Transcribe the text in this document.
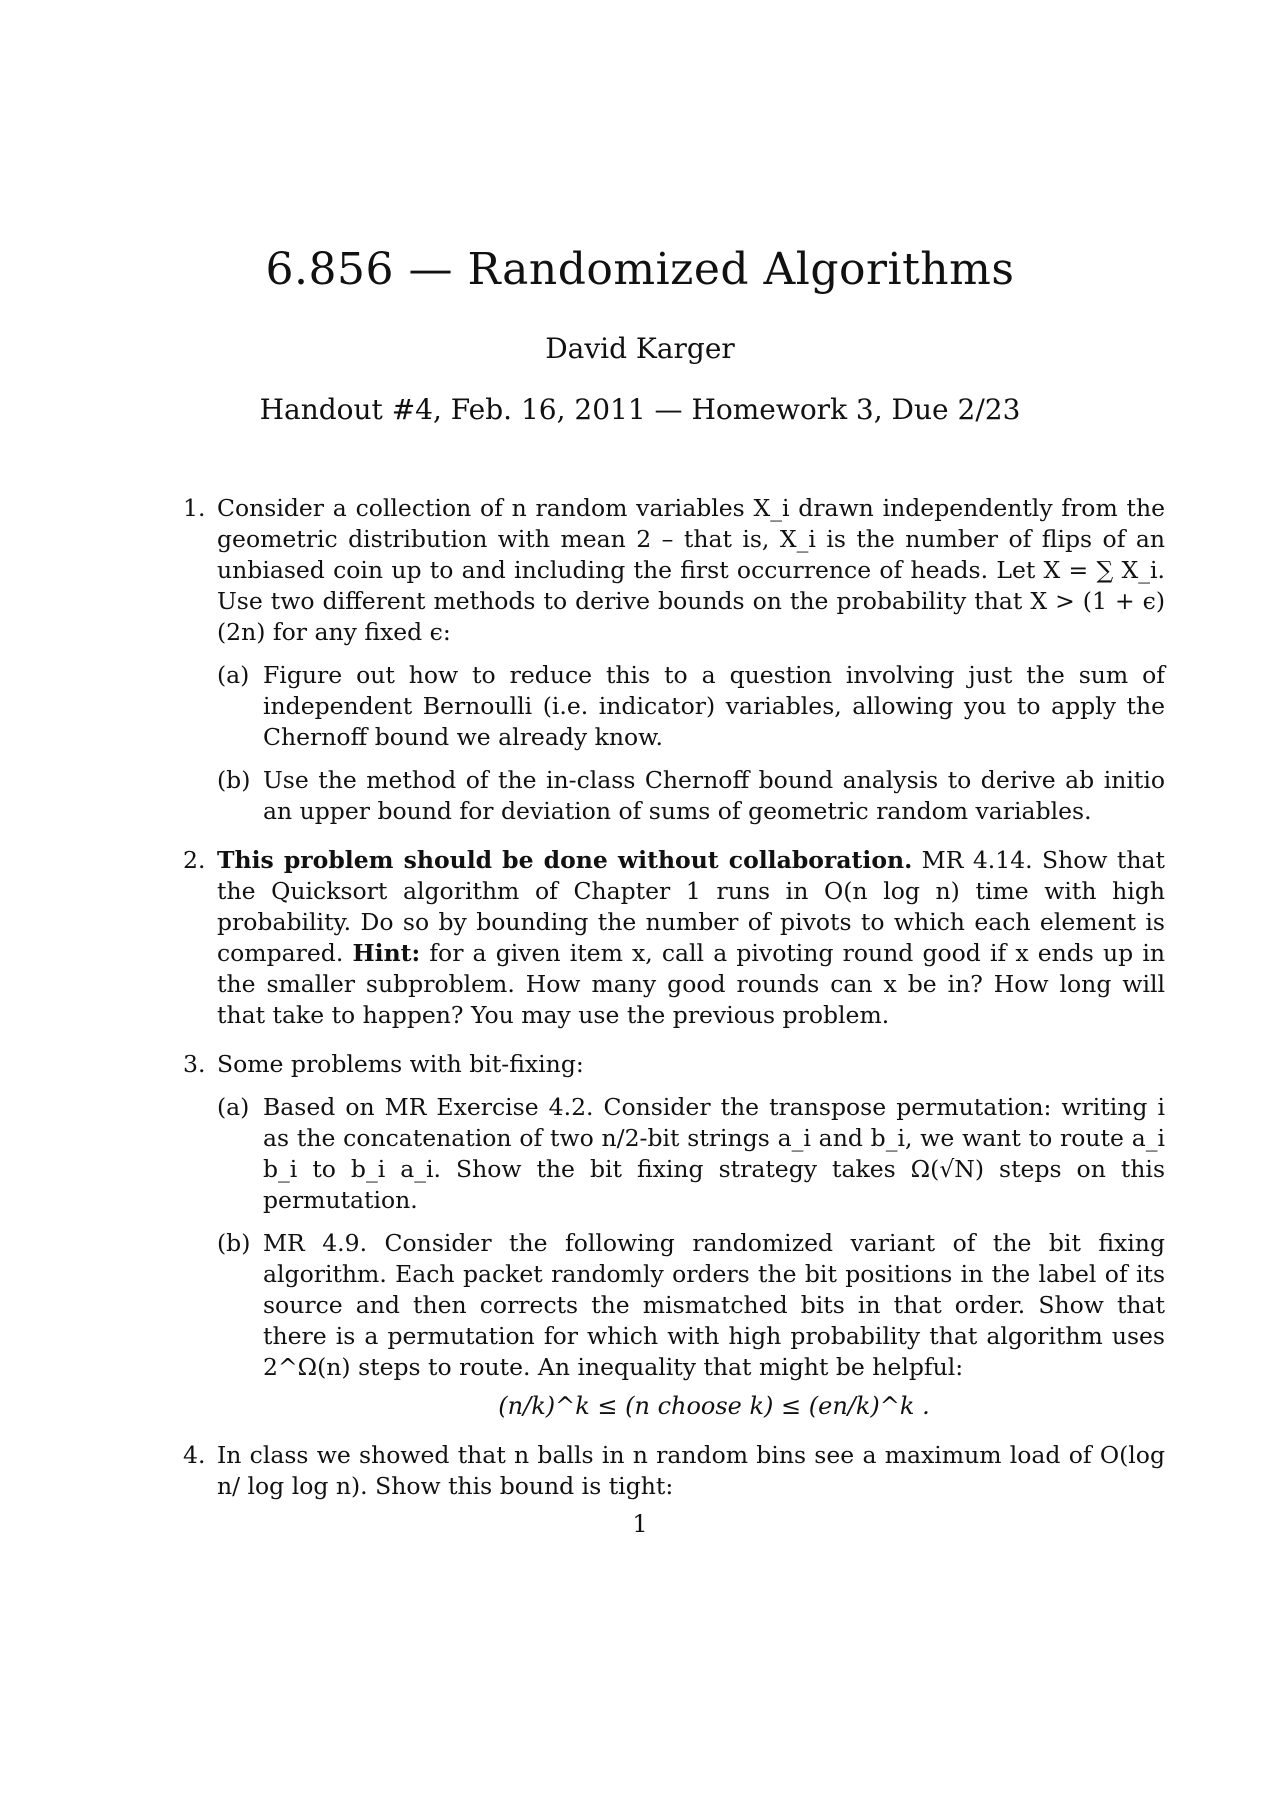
6.856 — Randomized Algorithms
David Karger
Handout #4, Feb. 16, 2011 — Homework 3, Due 2/23
1. Consider a collection of n random variables X_i drawn independently from the geometric distribution with mean 2 – that is, X_i is the number of flips of an unbiased coin up to and including the first occurrence of heads. Let X = ∑ X_i. Use two different methods to derive bounds on the probability that X > (1 + ϵ)(2n) for any fixed ϵ:
(a) Figure out how to reduce this to a question involving just the sum of independent Bernoulli (i.e. indicator) variables, allowing you to apply the Chernoff bound we already know.
(b) Use the method of the in-class Chernoff bound analysis to derive ab initio an upper bound for deviation of sums of geometric random variables.
2. This problem should be done without collaboration. MR 4.14. Show that the Quicksort algorithm of Chapter 1 runs in O(n log n) time with high probability. Do so by bounding the number of pivots to which each element is compared. Hint: for a given item x, call a pivoting round good if x ends up in the smaller subproblem. How many good rounds can x be in? How long will that take to happen? You may use the previous problem.
3. Some problems with bit-fixing:
(a) Based on MR Exercise 4.2. Consider the transpose permutation: writing i as the concatenation of two n/2-bit strings a_i and b_i, we want to route a_i b_i to b_i a_i. Show the bit fixing strategy takes Ω(√N) steps on this permutation.
(b) MR 4.9. Consider the following randomized variant of the bit fixing algorithm. Each packet randomly orders the bit positions in the label of its source and then corrects the mismatched bits in that order. Show that there is a permutation for which with high probability that algorithm uses 2^Ω(n) steps to route. An inequality that might be helpful:
(n/k)^k ≤ (n choose k) ≤ (en/k)^k .
4. In class we showed that n balls in n random bins see a maximum load of O(log n/ log log n). Show this bound is tight:
1
